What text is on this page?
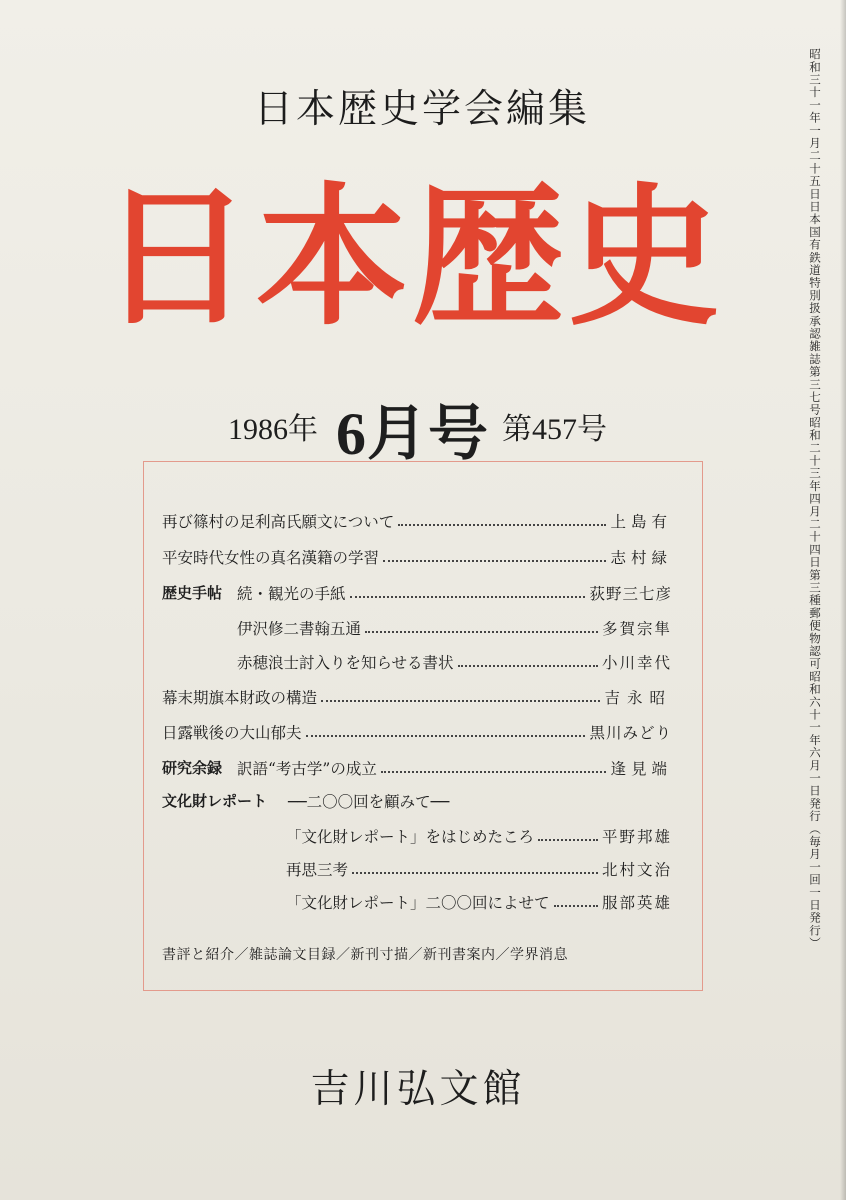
日本歴史学会編集
日本歴史
1986年 6月号 第457号
再び篠村の足利高氏願文について	上島有
平安時代女性の真名漢籍の学習	志村緑
歴史手帖 続・観光の手紙	荻野三七彦
伊沢修二書翰五通	多賀宗隼
赤穂浪士討入りを知らせる書状	小川幸代
幕末期旗本財政の構造	吉永昭
日露戦後の大山郁夫	黒川みどり
研究余録 訳語“考古学”の成立	逢見端
文化財レポート ──二〇〇回を顧みて──
「文化財レポート」をはじめたころ	平野邦雄
再思三考	北村文治
「文化財レポート」二〇〇回によせて	服部英雄
書評と紹介／雑誌論文目録／新刊寸描／新刊書案内／学界消息
吉川弘文館
昭和三十一年一月二十五日日本国有鉄道特別扱承認雑誌第三七号昭和二十三年四月二十四日第三種郵便物認可昭和六十一年六月一日発行（毎月一回一日発行）
